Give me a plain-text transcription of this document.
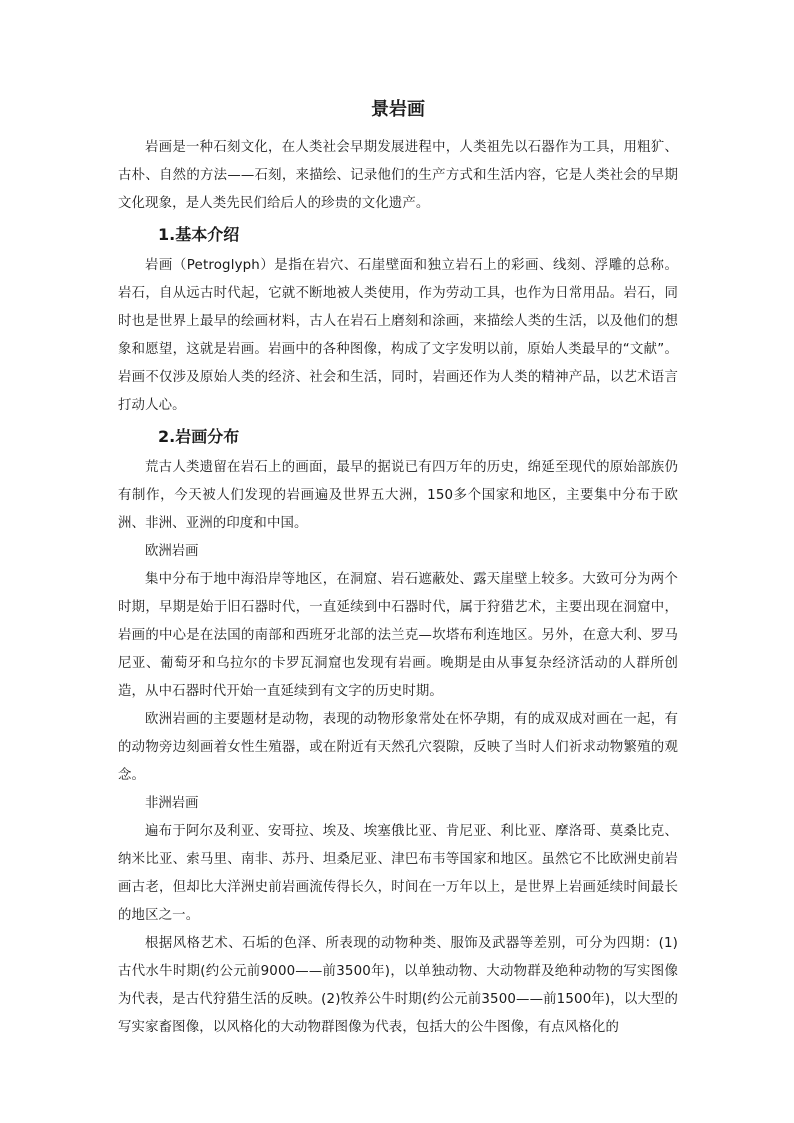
景岩画

岩画是一种石刻文化，在人类社会早期发展进程中，人类祖先以石器作为工具，用粗犷、古朴、自然的方法——石刻，来描绘、记录他们的生产方式和生活内容，它是人类社会的早期文化现象，是人类先民们给后人的珍贵的文化遗产。

1.基本介绍

岩画（Petroglyph）是指在岩穴、石崖壁面和独立岩石上的彩画、线刻、浮雕的总称。岩石，自从远古时代起，它就不断地被人类使用，作为劳动工具，也作为日常用品。岩石，同时也是世界上最早的绘画材料，古人在岩石上磨刻和涂画，来描绘人类的生活，以及他们的想象和愿望，这就是岩画。岩画中的各种图像，构成了文字发明以前，原始人类最早的“文献”。岩画不仅涉及原始人类的经济、社会和生活，同时，岩画还作为人类的精神产品，以艺术语言打动人心。

2.岩画分布

荒古人类遗留在岩石上的画面，最早的据说已有四万年的历史，绵延至现代的原始部族仍有制作，今天被人们发现的岩画遍及世界五大洲，150多个国家和地区，主要集中分布于欧洲、非洲、亚洲的印度和中国。

欧洲岩画

集中分布于地中海沿岸等地区，在洞窟、岩石遮蔽处、露天崖壁上较多。大致可分为两个时期，早期是始于旧石器时代，一直延续到中石器时代，属于狩猎艺术，主要出现在洞窟中，岩画的中心是在法国的南部和西班牙北部的法兰克—坎塔布利连地区。另外，在意大利、罗马尼亚、葡萄牙和乌拉尔的卡罗瓦洞窟也发现有岩画。晚期是由从事复杂经济活动的人群所创造，从中石器时代开始一直延续到有文字的历史时期。

欧洲岩画的主要题材是动物，表现的动物形象常处在怀孕期，有的成双成对画在一起，有的动物旁边刻画着女性生殖器，或在附近有天然孔穴裂隙，反映了当时人们祈求动物繁殖的观念。

非洲岩画

遍布于阿尔及利亚、安哥拉、埃及、埃塞俄比亚、肯尼亚、利比亚、摩洛哥、莫桑比克、纳米比亚、索马里、南非、苏丹、坦桑尼亚、津巴布韦等国家和地区。虽然它不比欧洲史前岩画古老，但却比大洋洲史前岩画流传得长久，时间在一万年以上，是世界上岩画延续时间最长的地区之一。

根据风格艺术、石垢的色泽、所表现的动物种类、服饰及武器等差别，可分为四期：(1)古代水牛时期(约公元前9000——前3500年)，以单独动物、大动物群及绝种动物的写实图像为代表，是古代狩猎生活的反映。(2)牧养公牛时期(约公元前3500——前1500年)，以大型的写实家畜图像，以风格化的大动物群图像为代表，包括大的公牛图像，有点风格化的
